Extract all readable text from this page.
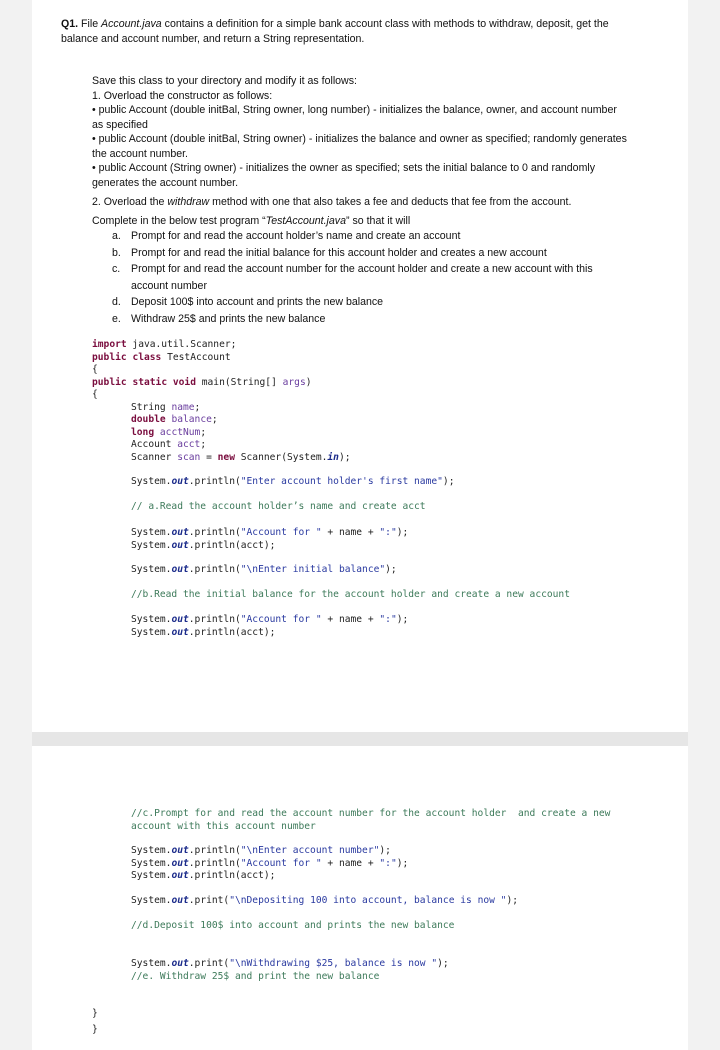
Q1. File Account.java contains a definition for a simple bank account class with methods to withdraw, deposit, get the balance and account number, and return a String representation.

Save this class to your directory and modify it as follows:
1. Overload the constructor as follows:

• public Account (double initBal, String owner, long number) - initializes the balance, owner, and account number as specified

• public Account (double initBal, String owner) - initializes the balance and owner as specified; randomly generates the account number.

• public Account (String owner) - initializes the owner as specified; sets the initial balance to 0 and randomly generates the account number.

2. Overload the withdraw method with one that also takes a fee and deducts that fee from the account.
Complete in the below test program “TestAccount.java” so that it will
a. Prompt for and read the account holder’s name and create an account
b. Prompt for and read the initial balance for this account holder and creates a new account
c. Prompt for and read the account number for the account holder and create a new account with this
account number
d. Deposit 100$ into account and prints the new balance
e. Withdraw 25$ and prints the new balance
import java.util.Scanner;
public class TestAccount
{
public static void main(String[] args)
{
String name;
double balance;
long acctNum;
Account acct;
Scanner scan = new Scanner(System.in);
System.out.println("Enter account holder's first name");
// a.Read the account holder’s name and create acct
System.out.println("Account for " + name + ":");
System.out.println(acct);
System.out.println("\nEnter initial balance");
//b.Read the initial balance for the account holder and create a new account
System.out.println("Account for " + name + ":");
System.out.println(acct);
//c.Prompt for and read the account number for the account holder  and create a new
account with this account number
System.out.println("\nEnter account number");
System.out.println("Account for " + name + ":");
System.out.println(acct);
System.out.print("\nDepositing 100 into account, balance is now ");
//d.Deposit 100$ into account and prints the new balance
System.out.print("\nWithdrawing $25, balance is now ");
//e. Withdraw 25$ and print the new balance
}
}
